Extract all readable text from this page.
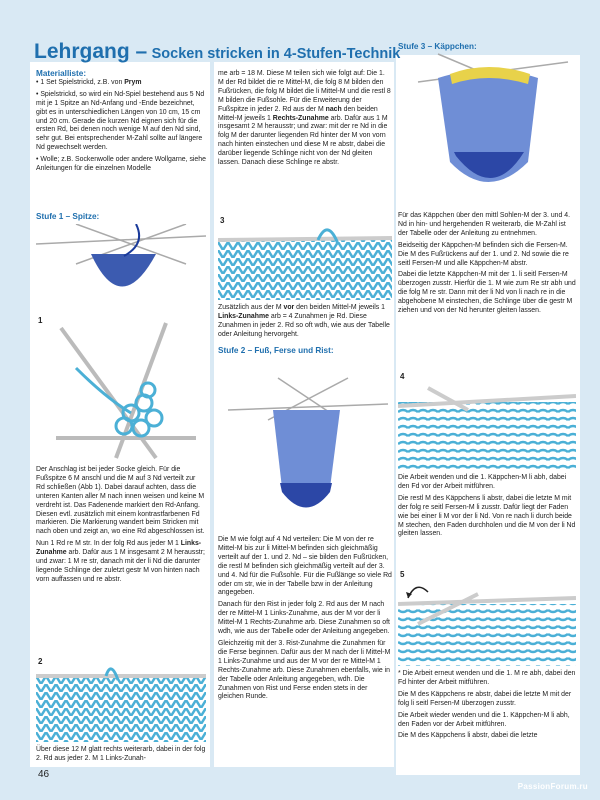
Lehrgang – Socken stricken in 4-Stufen-Technik
Materialliste:

• 1 Set Spielstrickd, z.B. von Prym

• Spielstrickd, so wird ein Nd-Spiel bestehend aus 5 Nd mit je 1 Spitze an Nd-Anfang und -Ende bezeichnet, gibt es in unterschiedlichen Längen von 10 cm, 15 cm und 20 cm. Gerade die kurzen Nd eignen sich für die ersten Rd, bei denen noch wenige M auf den Nd sind, sehr gut. Bei entsprechender M-Zahl sollte auf längere Nd gewechselt werden.

• Wolle; z.B. Sockenwolle oder andere Wollgarne, siehe Anleitungen für die einzelnen Modelle

Stufe 1 – Spitze:
1

Der Anschlag ist bei jeder Socke gleich. Für die Fußspitze 6 M anschl und die M auf 3 Nd verteilt zur Rd schließen (Abb 1). Dabei darauf achten, dass die unteren Kanten aller M nach innen weisen und keine M verdreht ist. Das Fadenende markiert den Rd-Anfang. Diesen evtl. zusätzlich mit einem kontrastfarbenen Fd markieren. Die Markierung wandert beim Stricken mit nach oben und zeigt an, wo eine Rd abgeschlossen ist.

Nun 1 Rd re M str. In der folg Rd aus jeder M 1 Links-Zunahme arb. Dafür aus 1 M insgesamt 2 M herausstr; und zwar: 1 M re str, danach mit der li Nd die darunter liegende Schlinge der zuletzt gestr M von hinten nach vorn auffassen und re abstr.

2
Über diese 12 M glatt rechts weiterarb, dabei in der folg 2. Rd aus jeder 2. M 1 Links-Zunah-

me arb = 18 M. Diese M teilen sich wie folgt auf: Die 1. M der Rd bildet die re Mittel-M, die folg 8 M bilden den Fußrücken, die folg M bildet die li Mittel-M und die restl 8 M bilden die Fußsohle. Für die Erweiterung der Fußspitze in jeder 2. Rd aus der M nach den beiden Mittel-M jeweils 1 Rechts-Zunahme arb. Dafür aus 1 M insgesamt 2 M herausstr; und zwar: mit der re Nd in die folg M der darunter liegenden Rd hinter der M von vorn nach hinten einstechen und diese M re abstr, dabei die darüber liegende Schlinge nicht von der Nd gleiten lassen. Danach diese Schlinge re abstr.

3

Zusätzlich aus der M vor den beiden Mittel-M jeweils 1 Links-Zunahme arb = 4 Zunahmen je Rd. Diese Zunahmen in jeder 2. Rd so oft wdh, wie aus der Tabelle oder Anleitung hervorgeht.

Stufe 2 – Fuß, Ferse und Rist:

Die M wie folgt auf 4 Nd verteilen: Die M von der re Mittel-M bis zur li Mittel-M befinden sich gleichmäßig verteilt auf der 1. und 2. Nd – sie bilden den Fußrücken, die restl M befinden sich gleichmäßig verteilt auf der 3. und 4. Nd für die Fußsohle. Für die Fußlänge so viele Rd oder cm str, wie in der Tabelle bzw in der Anleitung angegeben.

Danach für den Rist in jeder folg 2. Rd aus der M nach der re Mittel-M 1 Links-Zunahme, aus der M vor der li Mittel-M 1 Rechts-Zunahme arb. Diese Zunahmen so oft wdh, wie aus der Tabelle oder der Anleitung angegeben.

Gleichzeitig mit der 3. Rist-Zunahme die Zunahmen für die Ferse beginnen. Dafür aus der M nach der li Mittel-M 1 Links-Zunahme und aus der M vor der re Mittel-M 1 Rechts-Zunahme arb. Diese Zunahmen ebenfalls, wie in der Tabelle oder Anleitung angegeben, wdh. Die Zunahmen von Rist und Ferse enden stets in der gleichen Runde.

Stufe 3 – Käppchen:

Für das Käppchen über den mittl Sohlen-M der 3. und 4. Nd in hin- und hergehenden R weiterarb, die M-Zahl ist der Tabelle oder der Anleitung zu entnehmen.

Beidseitig der Käppchen-M befinden sich die Fersen-M. Die M des Fußrückens auf der 1. und 2. Nd sowie die re seitl Fersen-M und alle Käppchen-M abstr.

Dabei die letzte Käppchen-M mit der 1. li seitl Fersen-M überzogen zusstr. Hierfür die 1. M wie zum Re str abh und die folg M re str. Dann mit der li Nd von li nach re in die abgehobene M einstechen, die Schlinge über die gestr M ziehen und von der Nd herunter gleiten lassen.

4

Die Arbeit wenden und die 1. Käppchen-M li abh, dabei den Fd vor der Arbeit mitführen.

Die restl M des Käppchens li abstr, dabei die letzte M mit der folg re seitl Fersen-M li zusstr. Dafür liegt der Faden wie bei einer li M vor der li Nd. Von re nach li durch beide M stechen, den Faden durchholen und die M von der li Nd gleiten lassen.

5

* Die Arbeit erneut wenden und die 1. M re abh, dabei den Fd hinter der Arbeit mitführen.

Die M des Käppchens re abstr, dabei die letzte M mit der folg li seitl Fersen-M überzogen zusstr.

Die Arbeit wieder wenden und die 1. Käppchen-M li abh, den Faden vor der Arbeit mitführen.

Die M des Käppchens li abstr, dabei die letzte

46
PassionForum.ru
